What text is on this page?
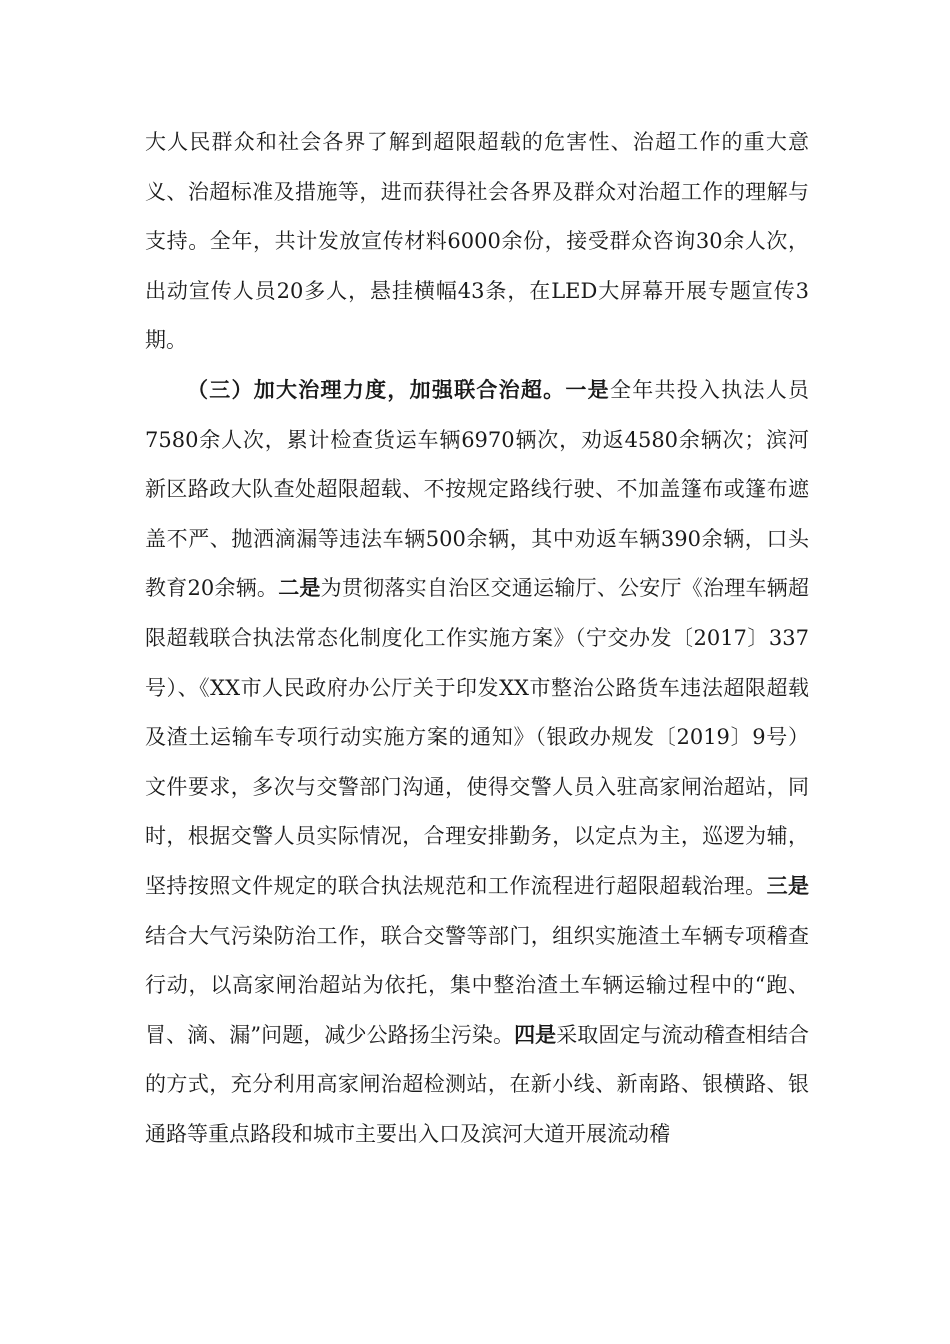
大人民群众和社会各界了解到超限超载的危害性、治超工作的重大意义、治超标准及措施等，进而获得社会各界及群众对治超工作的理解与支持。全年，共计发放宣传材料6000余份，接受群众咨询30余人次，出动宣传人员20多人，悬挂横幅43条，在LED大屏幕开展专题宣传3期。

（三）加大治理力度，加强联合治超。一是全年共投入执法人员7580余人次，累计检查货运车辆6970辆次，劝返4580余辆次；滨河新区路政大队查处超限超载、不按规定路线行驶、不加盖篷布或篷布遮盖不严、抛洒滴漏等违法车辆500余辆，其中劝返车辆390余辆，口头教育20余辆。二是为贯彻落实自治区交通运输厅、公安厅《治理车辆超限超载联合执法常态化制度化工作实施方案》（宁交办发〔2017〕337号）、《XX市人民政府办公厅关于印发XX市整治公路货车违法超限超载及渣土运输车专项行动实施方案的通知》（银政办规发〔2019〕9号）文件要求，多次与交警部门沟通，使得交警人员入驻高家闸治超站，同时，根据交警人员实际情况，合理安排勤务，以定点为主，巡逻为辅，坚持按照文件规定的联合执法规范和工作流程进行超限超载治理。三是结合大气污染防治工作，联合交警等部门，组织实施渣土车辆专项稽查行动，以高家闸治超站为依托，集中整治渣土车辆运输过程中的“跑、冒、滴、漏”问题，减少公路扬尘污染。四是采取固定与流动稽查相结合的方式，充分利用高家闸治超检测站，在新小线、新南路、银横路、银通路等重点路段和城市主要出入口及滨河大道开展流动稽
